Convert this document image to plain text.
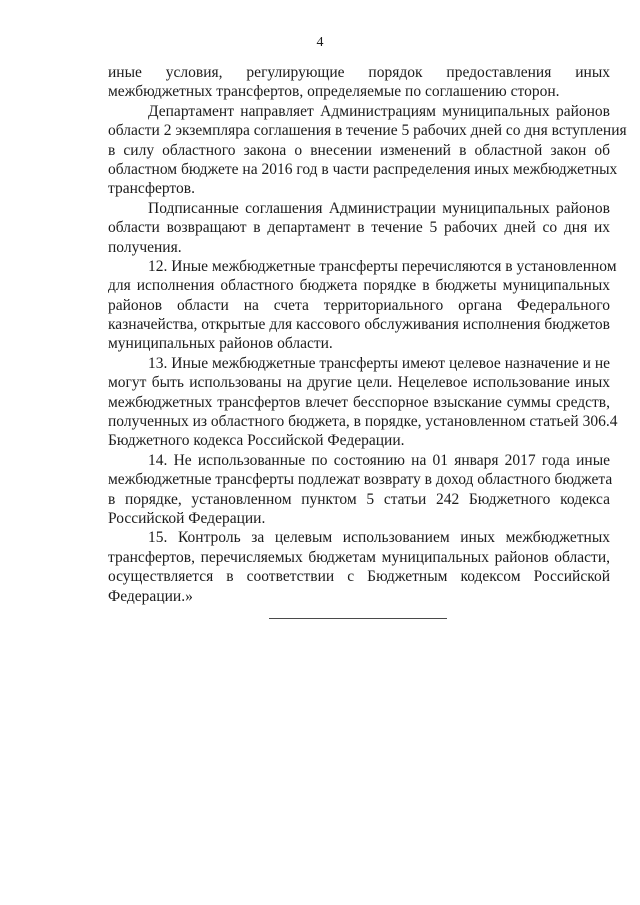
4
иные условия, регулирующие порядок предоставления иных
межбюджетных трансфертов, определяемые по соглашению сторон.
Департамент направляет Администрациям муниципальных районов
области 2 экземпляра соглашения в течение 5 рабочих дней со дня вступления
в силу областного закона о внесении изменений в областной закон об
областном бюджете на 2016 год в части распределения иных межбюджетных
трансфертов.
Подписанные соглашения Администрации муниципальных районов
области возвращают в департамент в течение 5 рабочих дней со дня их
получения.
12. Иные межбюджетные трансферты перечисляются в установленном
для исполнения областного бюджета порядке в бюджеты муниципальных
районов области на счета территориального органа Федерального
казначейства, открытые для кассового обслуживания исполнения бюджетов
муниципальных районов области.
13. Иные межбюджетные трансферты имеют целевое назначение и не
могут быть использованы на другие цели. Нецелевое использование иных
межбюджетных трансфертов влечет бесспорное взыскание суммы средств,
полученных из областного бюджета, в порядке, установленном статьей 306.4
Бюджетного кодекса Российской Федерации.
14. Не использованные по состоянию на 01 января 2017 года иные
межбюджетные трансферты подлежат возврату в доход областного бюджета
в порядке, установленном пунктом 5 статьи 242 Бюджетного кодекса
Российской Федерации.
15. Контроль за целевым использованием иных межбюджетных
трансфертов, перечисляемых бюджетам муниципальных районов области,
осуществляется в соответствии с Бюджетным кодексом Российской
Федерации.»
